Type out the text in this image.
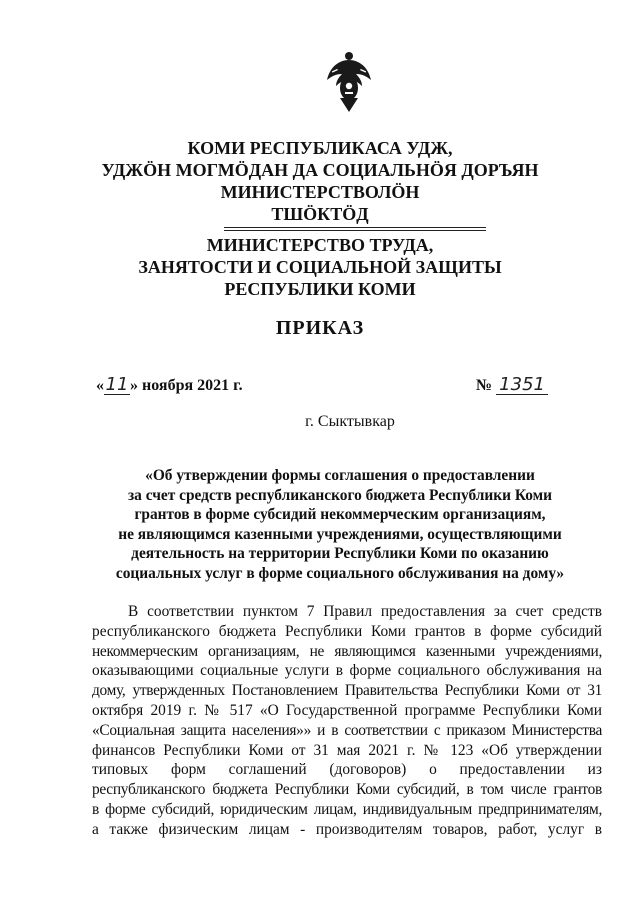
КОМИ РЕСПУБЛИКАСА УДЖ,
УДЖӦН МОГМӦДАН ДА СОЦИАЛЬНӦЯ ДОРЪЯН
МИНИСТЕРСТВОЛӦН
ТШӦКТӦД
МИНИСТЕРСТВО ТРУДА,
ЗАНЯТОСТИ И СОЦИАЛЬНОЙ ЗАЩИТЫ
РЕСПУБЛИКИ КОМИ
ПРИКАЗ
«11» ноября 2021 г.	№ 1351
г. Сыктывкар
«Об утверждении формы соглашения о предоставлении
за счет средств республиканского бюджета Республики Коми
грантов в форме субсидий некоммерческим организациям,
не являющимся казенными учреждениями, осуществляющими
деятельность на территории Республики Коми по оказанию
социальных услуг в форме социального обслуживания на дому»
В соответствии пунктом 7 Правил предоставления за счет средств
республиканского бюджета Республики Коми грантов в форме субсидий
некоммерческим организациям, не являющимся казенными учреждениями,
оказывающими социальные услуги в форме социального обслуживания на
дому, утвержденных Постановлением Правительства Республики Коми от 31
октября 2019 г. № 517 «О Государственной программе Республики Коми
«Социальная защита населения»» и в соответствии с приказом Министерства
финансов Республики Коми от 31 мая 2021 г. № 123 «Об утверждении
типовых форм соглашений (договоров) о предоставлении из
республиканского бюджета Республики Коми субсидий, в том числе грантов
в форме субсидий, юридическим лицам, индивидуальным предпринимателям,
а также физическим лицам - производителям товаров, работ, услуг в
